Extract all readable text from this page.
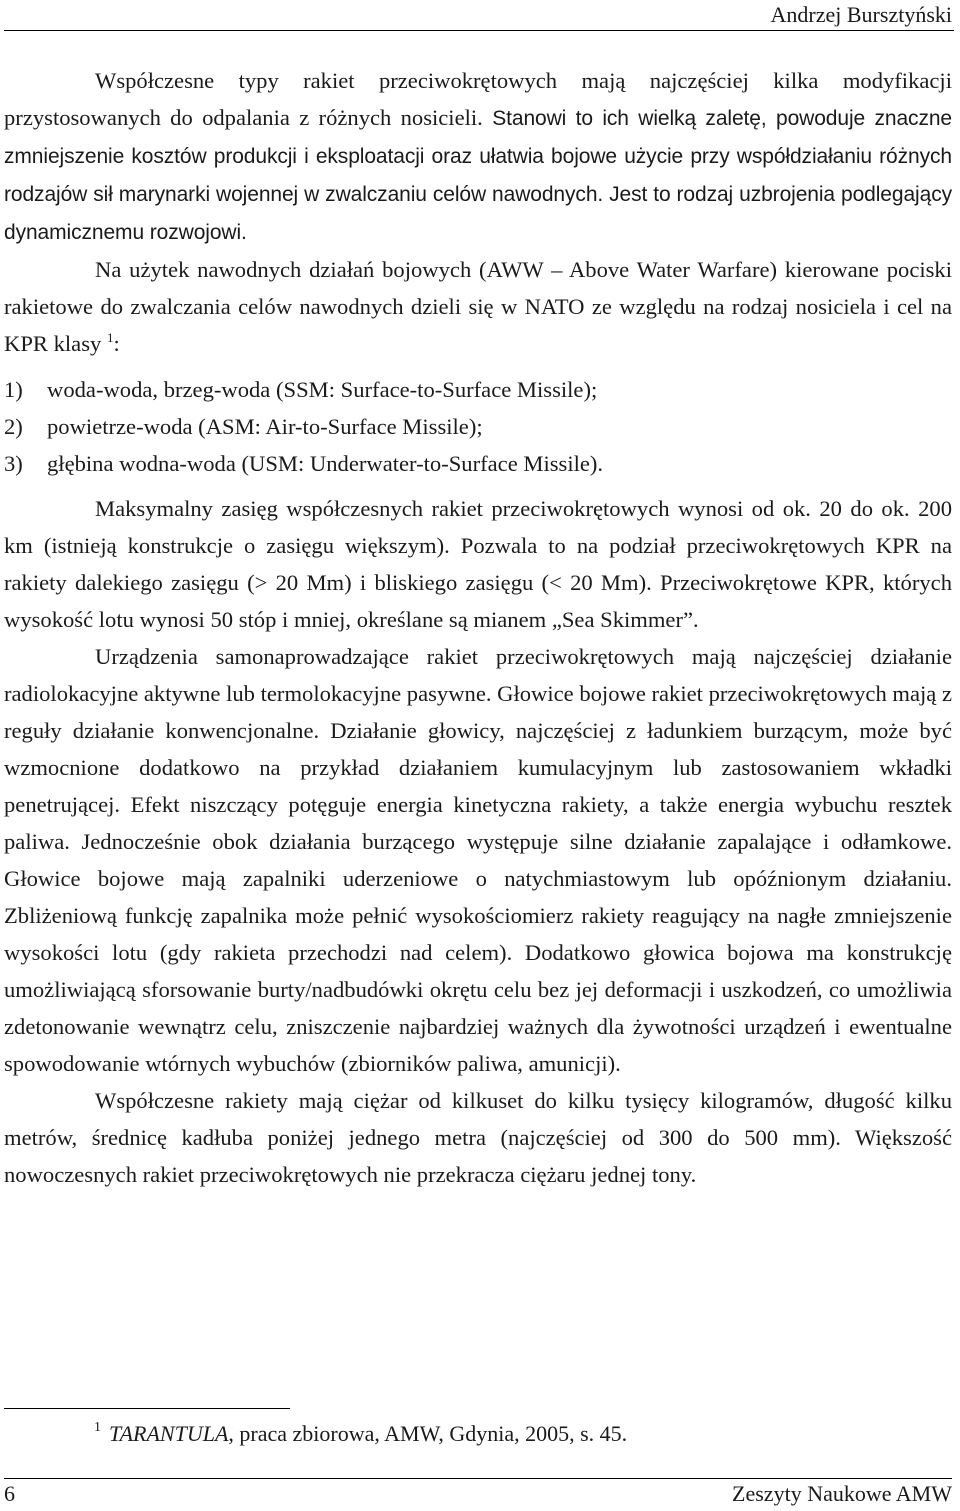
Andrzej Bursztyński

Współczesne typy rakiet przeciwokrętowych mają najczęściej kilka modyfikacji przystosowanych do odpalania z różnych nosicieli. Stanowi to ich wielką zaletę, powoduje znaczne zmniejszenie kosztów produkcji i eksploatacji oraz ułatwia bojowe użycie przy współdziałaniu różnych rodzajów sił marynarki wojennej w zwalczaniu celów nawodnych. Jest to rodzaj uzbrojenia podlegający dynamicznemu rozwojowi.

Na użytek nawodnych działań bojowych (AWW – Above Water Warfare) kierowane pociski rakietowe do zwalczania celów nawodnych dzieli się w NATO ze względu na rodzaj nosiciela i cel na KPR klasy $^1$:

1)	woda-woda, brzeg-woda (SSM: Surface-to-Surface Missile);
2)	powietrze-woda (ASM: Air-to-Surface Missile);
3)	głębina wodna-woda (USM: Underwater-to-Surface Missile).

Maksymalny zasięg współczesnych rakiet przeciwokrętowych wynosi od ok. 20 do ok. 200 km (istnieją konstrukcje o zasięgu większym). Pozwala to na podział przeciwokrętowych KPR na rakiety dalekiego zasięgu (> 20 Mm) i bliskiego zasięgu (< 20 Mm). Przeciwokrętowe KPR, których wysokość lotu wynosi 50 stóp i mniej, określane są mianem „Sea Skimmer”.

Urządzenia samonaprowadzające rakiet przeciwokrętowych mają najczęściej działanie radiolokacyjne aktywne lub termolokacyjne pasywne. Głowice bojowe rakiet przeciwokrętowych mają z reguły działanie konwencjonalne. Działanie głowicy, najczęściej z ładunkiem burzącym, może być wzmocnione dodatkowo na przykład działaniem kumulacyjnym lub zastosowaniem wkładki penetrującej. Efekt niszczący potęguje energia kinetyczna rakiety, a także energia wybuchu resztek paliwa. Jednocześnie obok działania burzącego występuje silne działanie zapalające i odłamkowe. Głowice bojowe mają zapalniki uderzeniowe o natychmiastowym lub opóźnionym działaniu. Zbliżeniową funkcję zapalnika może pełnić wysokościomierz rakiety reagujący na nagłe zmniejszenie wysokości lotu (gdy rakieta przechodzi nad celem). Dodatkowo głowica bojowa ma konstrukcję umożliwiającą sforsowanie burty/nadbudówki okrętu celu bez jej deformacji i uszkodzeń, co umożliwia zdetonowanie wewnątrz celu, zniszczenie najbardziej ważnych dla żywotności urządzeń i ewentualne spowodowanie wtórnych wybuchów (zbiorników paliwa, amunicji).

Współczesne rakiety mają ciężar od kilkuset do kilku tysięcy kilogramów, długość kilku metrów, średnicę kadłuba poniżej jednego metra (najczęściej od 300 do 500 mm). Większość nowoczesnych rakiet przeciwokrętowych nie przekracza ciężaru jednej tony.

$^1$ TARANTULA, praca zbiorowa, AMW, Gdynia, 2005, s. 45.
6	Zeszyty Naukowe AMW
